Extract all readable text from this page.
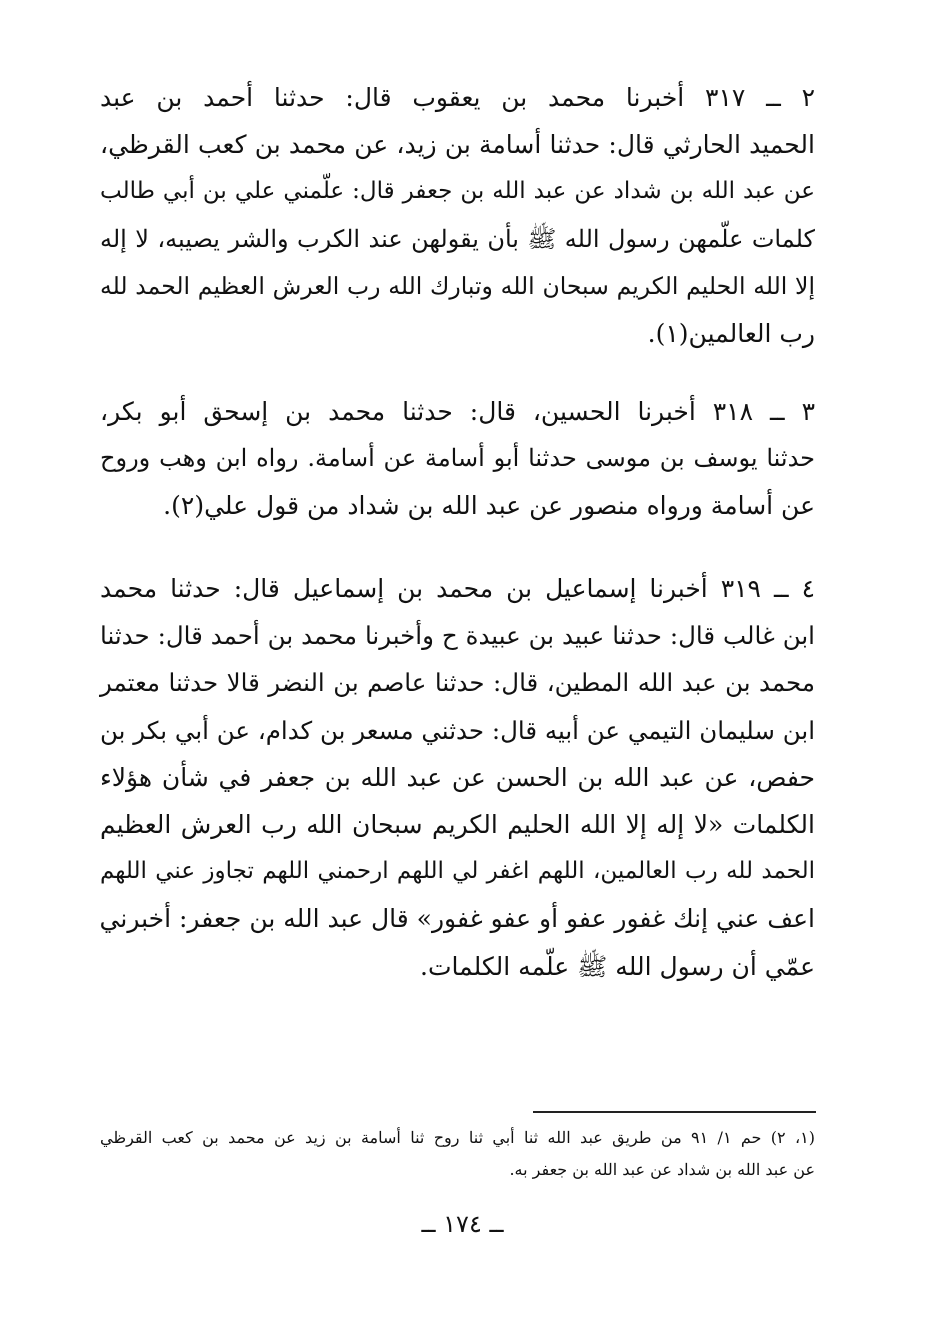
٢ ــ ٣١٧ أخبرنا محمد بن يعقوب قال: حدثنا أحمد بن عبد
الحميد الحارثي قال: حدثنا أسامة بن زيد، عن محمد بن كعب القرظي،
عن عبد الله بن شداد عن عبد الله بن جعفر قال: علّمني علي بن أبي طالب
كلمات علّمهن رسول الله ﷺ بأن يقولهن عند الكرب والشر يصيبه، لا إله
إلا الله الحليم الكريم سبحان الله وتبارك الله رب العرش العظيم الحمد لله
رب العالمين(١).
٣ ــ ٣١٨ أخبرنا الحسين، قال: حدثنا محمد بن إسحق أبو بكر،
حدثنا يوسف بن موسى حدثنا أبو أسامة عن أسامة. رواه ابن وهب وروح
عن أسامة ورواه منصور عن عبد الله بن شداد من قول علي(٢).
٤ ــ ٣١٩ أخبرنا إسماعيل بن محمد بن إسماعيل قال: حدثنا محمد
ابن غالب قال: حدثنا عبيد بن عبيدة ح وأخبرنا محمد بن أحمد قال: حدثنا
محمد بن عبد الله المطين، قال: حدثنا عاصم بن النضر قالا حدثنا معتمر
ابن سليمان التيمي عن أبيه قال: حدثني مسعر بن كدام، عن أبي بكر بن
حفص، عن عبد الله بن الحسن عن عبد الله بن جعفر في شأن هؤلاء
الكلمات «لا إله إلا الله الحليم الكريم سبحان الله رب العرش العظيم
الحمد لله رب العالمين، اللهم اغفر لي اللهم ارحمني اللهم تجاوز عني اللهم
اعف عني إنك غفور عفو أو عفو غفور» قال عبد الله بن جعفر: أخبرني
عمّي أن رسول الله ﷺ علّمه الكلمات.
(١، ٢) حم ١/ ٩١ من طريق عبد الله ثنا أبي ثنا روح ثنا أسامة بن زيد عن محمد بن كعب القرظي
عن عبد الله بن شداد عن عبد الله بن جعفر به.
ــ ١٧٤ ــ
